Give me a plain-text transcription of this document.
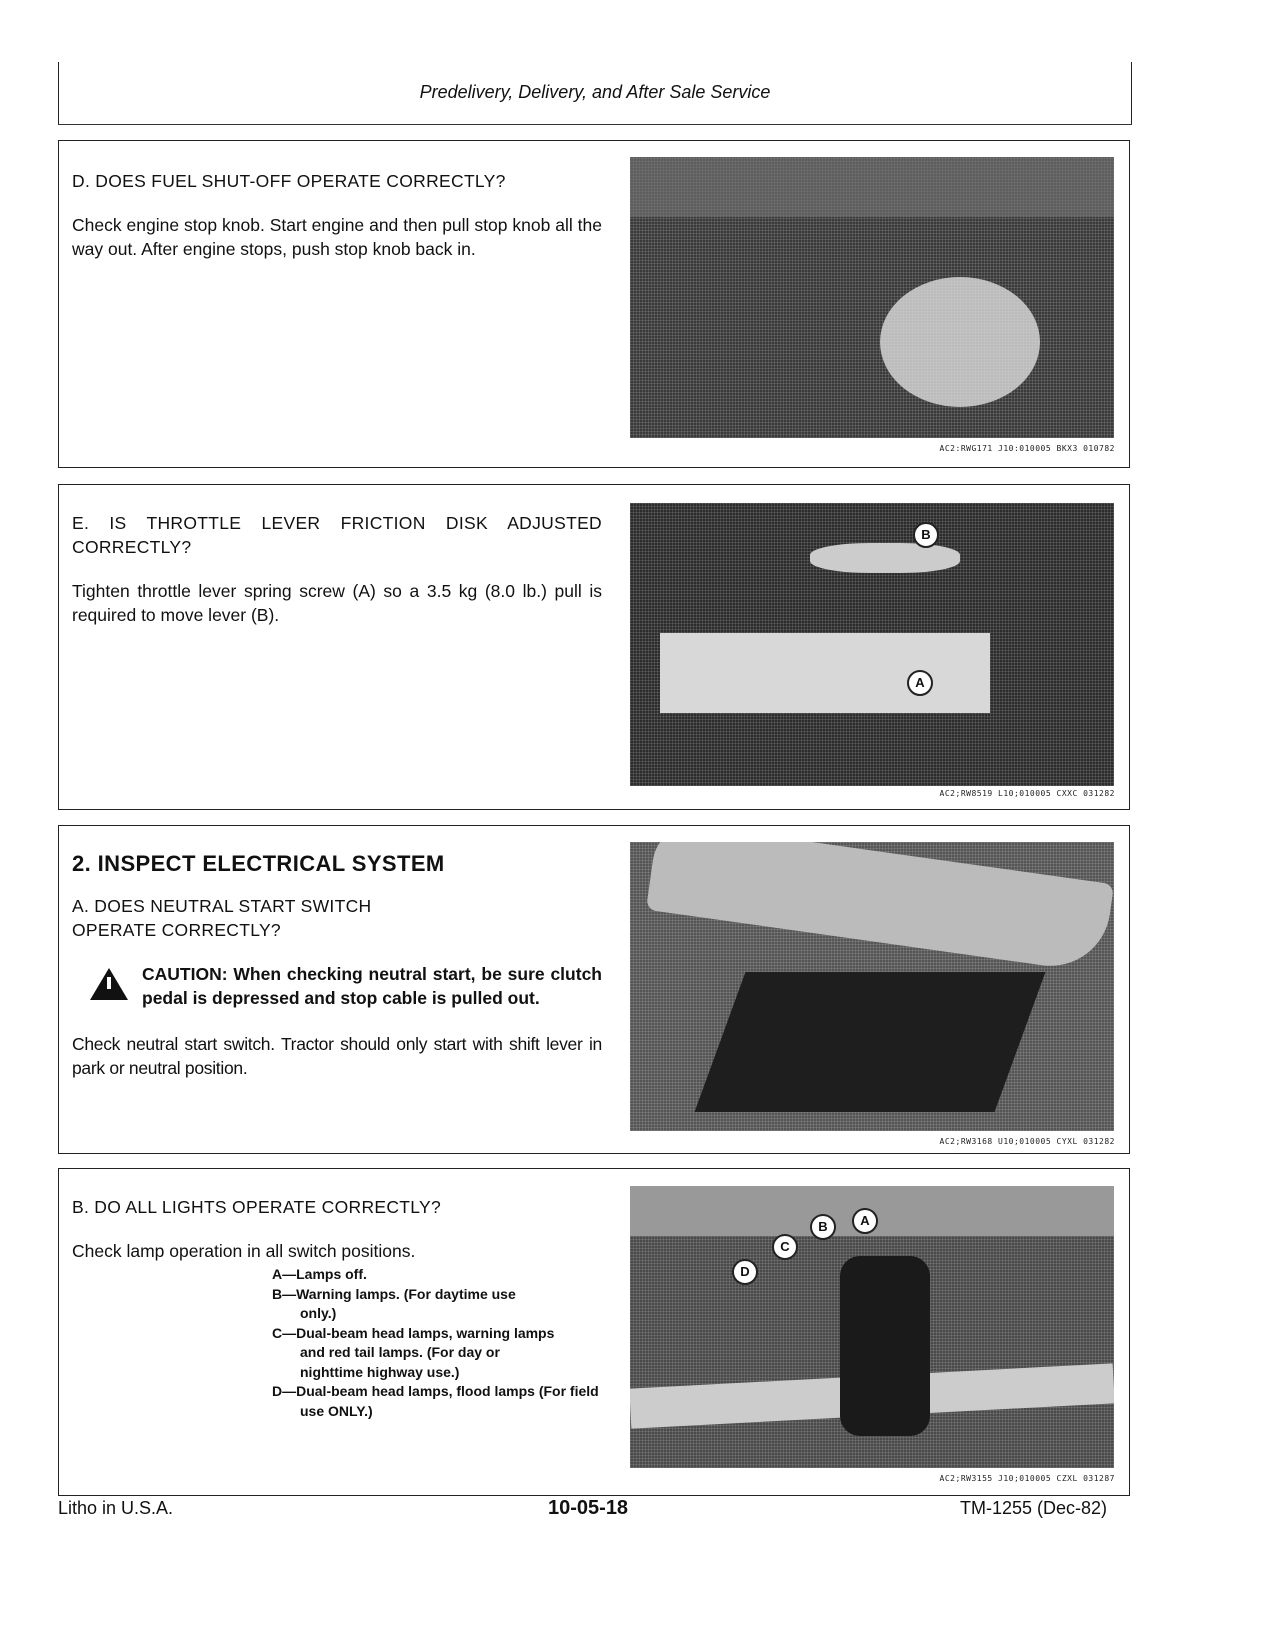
Predelivery, Delivery, and After Sale Service

D. DOES FUEL SHUT-OFF OPERATE CORRECTLY?

Check engine stop knob. Start engine and then pull stop knob all the way out. After engine stops, push stop knob back in.

AC2:RWG171 J10:010005 BKX3 010782

E. IS THROTTLE LEVER FRICTION DISK ADJUSTED CORRECTLY?

Tighten throttle lever spring screw (A) so a 3.5 kg (8.0 lb.) pull is required to move lever (B).

B
A
AC2;RW8519 L10;010005 CXXC 031282
2. INSPECT ELECTRICAL SYSTEM

A. DOES NEUTRAL START SWITCH OPERATE CORRECTLY?

CAUTION: When checking neutral start, be sure clutch pedal is depressed and stop cable is pulled out.

Check neutral start switch. Tractor should only start with shift lever in park or neutral position.

AC2;RW3168 U10;010005 CYXL 031282

B. DO ALL LIGHTS OPERATE CORRECTLY?

Check lamp operation in all switch positions.

A
B
C
D
AC2;RW3155 J10;010005 CZXL 031287
A—Lamps off.
B—Warning lamps. (For daytime use only.)
C—Dual-beam head lamps, warning lamps and red tail lamps. (For day or nighttime highway use.)
D—Dual-beam head lamps, flood lamps (For field use ONLY.)
Litho in U.S.A.	10-05-18	TM-1255 (Dec-82)
